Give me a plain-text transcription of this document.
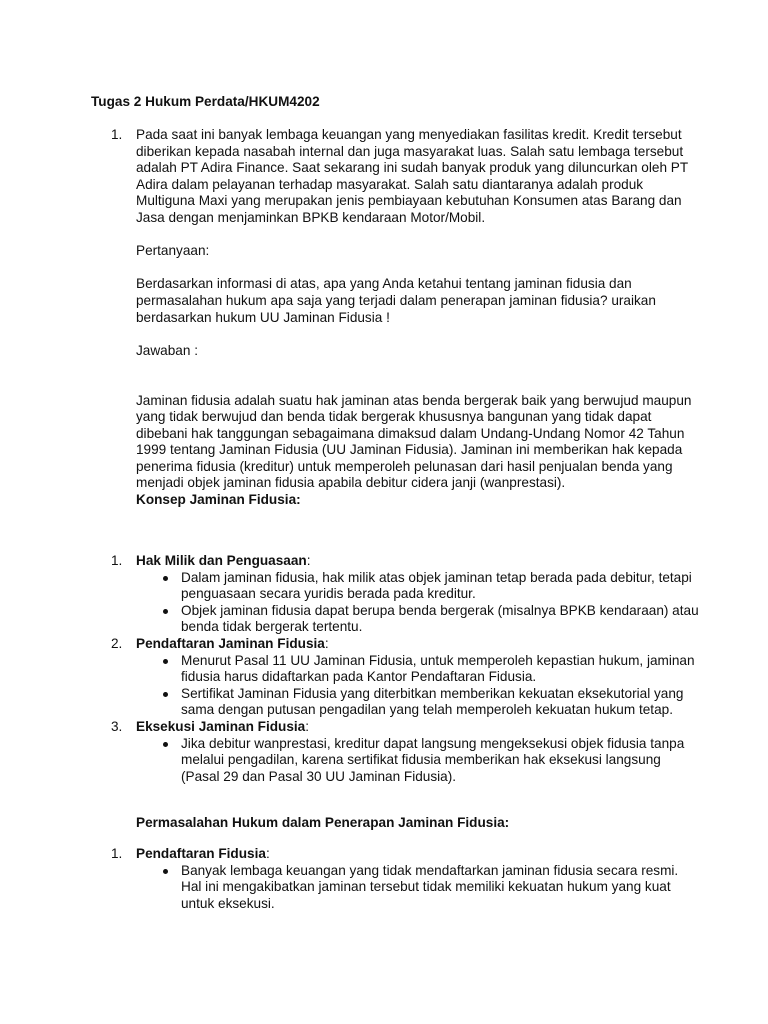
Tugas 2 Hukum Perdata/HKUM4202
1. Pada saat ini banyak lembaga keuangan yang menyediakan fasilitas kredit. Kredit tersebut diberikan kepada nasabah internal dan juga masyarakat luas. Salah satu lembaga tersebut adalah PT Adira Finance. Saat sekarang ini sudah banyak produk yang diluncurkan oleh PT Adira dalam pelayanan terhadap masyarakat. Salah satu diantaranya adalah produk Multiguna Maxi yang merupakan jenis pembiayaan kebutuhan Konsumen atas Barang dan Jasa dengan menjaminkan BPKB kendaraan Motor/Mobil.

Pertanyaan:

Berdasarkan informasi di atas, apa yang Anda ketahui tentang jaminan fidusia dan permasalahan hukum apa saja yang terjadi dalam penerapan jaminan fidusia? uraikan berdasarkan hukum UU Jaminan Fidusia !

Jawaban :

Jaminan fidusia adalah suatu hak jaminan atas benda bergerak baik yang berwujud maupun yang tidak berwujud dan benda tidak bergerak khususnya bangunan yang tidak dapat dibebani hak tanggungan sebagaimana dimaksud dalam Undang-Undang Nomor 42 Tahun 1999 tentang Jaminan Fidusia (UU Jaminan Fidusia). Jaminan ini memberikan hak kepada penerima fidusia (kreditur) untuk memperoleh pelunasan dari hasil penjualan benda yang menjadi objek jaminan fidusia apabila debitur cidera janji (wanprestasi).

Konsep Jaminan Fidusia:

1. Hak Milik dan Penguasaan:
Dalam jaminan fidusia, hak milik atas objek jaminan tetap berada pada debitur, tetapi penguasaan secara yuridis berada pada kreditur.
Objek jaminan fidusia dapat berupa benda bergerak (misalnya BPKB kendaraan) atau benda tidak bergerak tertentu.
2. Pendaftaran Jaminan Fidusia:
Menurut Pasal 11 UU Jaminan Fidusia, untuk memperoleh kepastian hukum, jaminan fidusia harus didaftarkan pada Kantor Pendaftaran Fidusia.
Sertifikat Jaminan Fidusia yang diterbitkan memberikan kekuatan eksekutorial yang sama dengan putusan pengadilan yang telah memperoleh kekuatan hukum tetap.
3. Eksekusi Jaminan Fidusia:
Jika debitur wanprestasi, kreditur dapat langsung mengeksekusi objek fidusia tanpa melalui pengadilan, karena sertifikat fidusia memberikan hak eksekusi langsung (Pasal 29 dan Pasal 30 UU Jaminan Fidusia).
Permasalahan Hukum dalam Penerapan Jaminan Fidusia:
1. Pendaftaran Fidusia:
Banyak lembaga keuangan yang tidak mendaftarkan jaminan fidusia secara resmi. Hal ini mengakibatkan jaminan tersebut tidak memiliki kekuatan hukum yang kuat untuk eksekusi.
